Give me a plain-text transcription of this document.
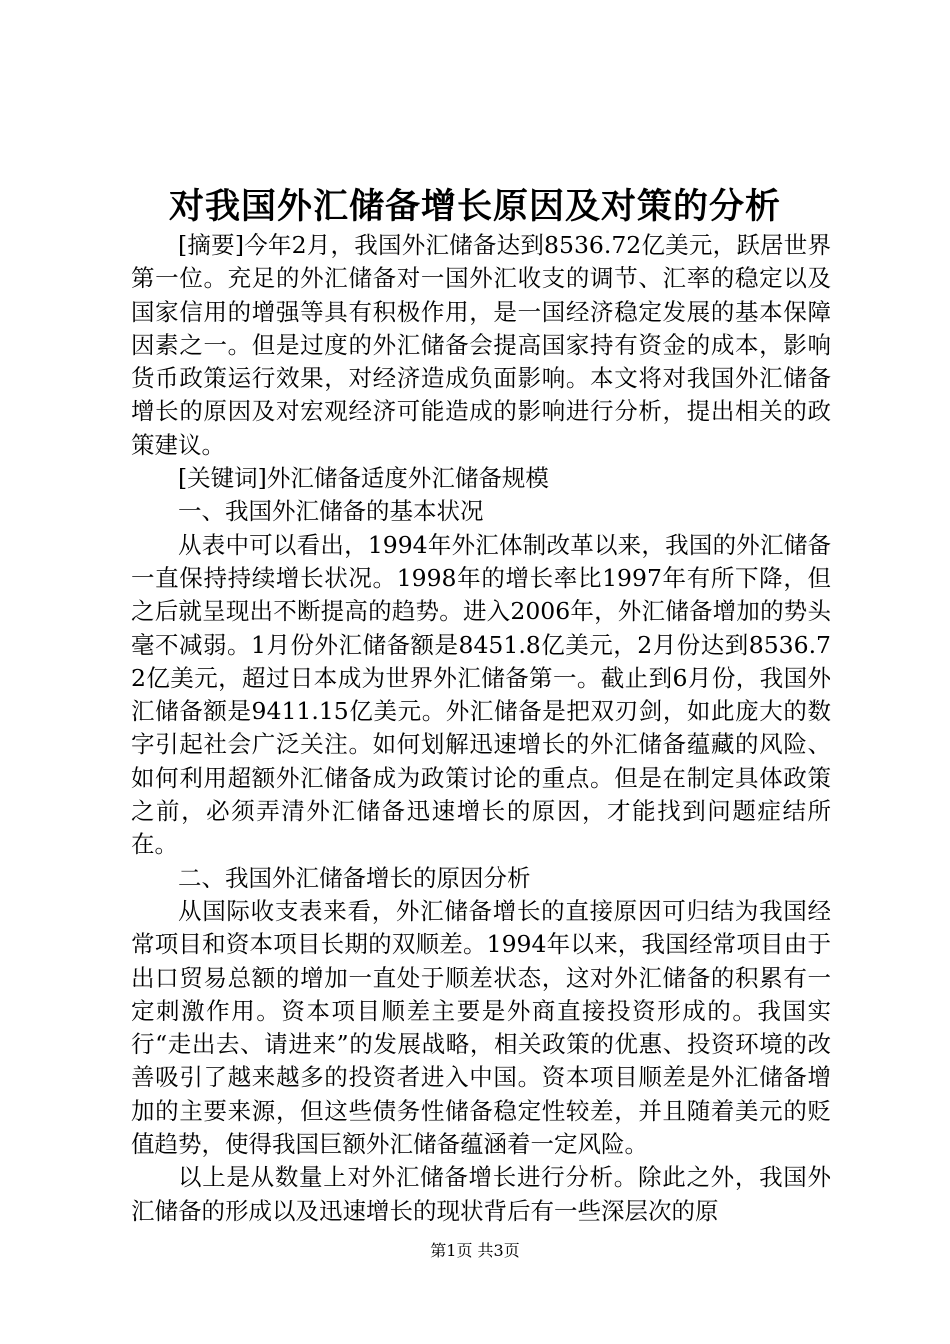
对我国外汇储备增长原因及对策的分析

[摘要]今年2月，我国外汇储备达到8536.72亿美元，跃居世界第一位。充足的外汇储备对一国外汇收支的调节、汇率的稳定以及国家信用的增强等具有积极作用，是一国经济稳定发展的基本保障因素之一。但是过度的外汇储备会提高国家持有资金的成本，影响货币政策运行效果，对经济造成负面影响。本文将对我国外汇储备增长的原因及对宏观经济可能造成的影响进行分析，提出相关的政策建议。

[关键词]外汇储备适度外汇储备规模

一、我国外汇储备的基本状况

从表中可以看出，1994年外汇体制改革以来，我国的外汇储备一直保持持续增长状况。1998年的增长率比1997年有所下降，但之后就呈现出不断提高的趋势。进入2006年，外汇储备增加的势头毫不减弱。1月份外汇储备额是8451.8亿美元，2月份达到8536.72亿美元，超过日本成为世界外汇储备第一。截止到6月份，我国外汇储备额是9411.15亿美元。外汇储备是把双刃剑，如此庞大的数字引起社会广泛关注。如何划解迅速增长的外汇储备蕴藏的风险、如何利用超额外汇储备成为政策讨论的重点。但是在制定具体政策之前，必须弄清外汇储备迅速增长的原因，才能找到问题症结所在。

二、我国外汇储备增长的原因分析

从国际收支表来看，外汇储备增长的直接原因可归结为我国经常项目和资本项目长期的双顺差。1994年以来，我国经常项目由于出口贸易总额的增加一直处于顺差状态，这对外汇储备的积累有一定刺激作用。资本项目顺差主要是外商直接投资形成的。我国实行“走出去、请进来”的发展战略，相关政策的优惠、投资环境的改善吸引了越来越多的投资者进入中国。资本项目顺差是外汇储备增加的主要来源，但这些债务性储备稳定性较差，并且随着美元的贬值趋势，使得我国巨额外汇储备蕴涵着一定风险。

以上是从数量上对外汇储备增长进行分析。除此之外，我国外汇储备的形成以及迅速增长的现状背后有一些深层次的原

第1页 共3页
